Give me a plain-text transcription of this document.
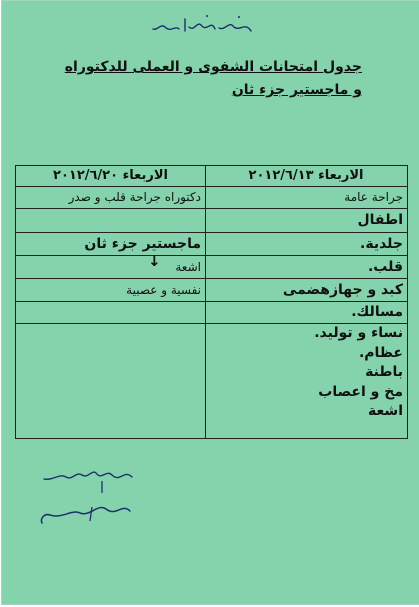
جدول امتحانات الشفوى و العملى للدكتوراه
و ماجستير جزء ثان
الاربعاء ٢٠١٢/٦/١٣
الاربعاء ٢٠١٢/٦/٢٠
جراحة عامة
دكتوراه جراحة قلب و صدر
اطفال
جلدية.
ماجستير جزء ثان
قلب.
اشعة
كبد و جهازهضمى
نفسية و عصبية
مسالك.
↓
نساء و توليد.
عظام.
باطنة
مخ و اعصاب
اشعة
